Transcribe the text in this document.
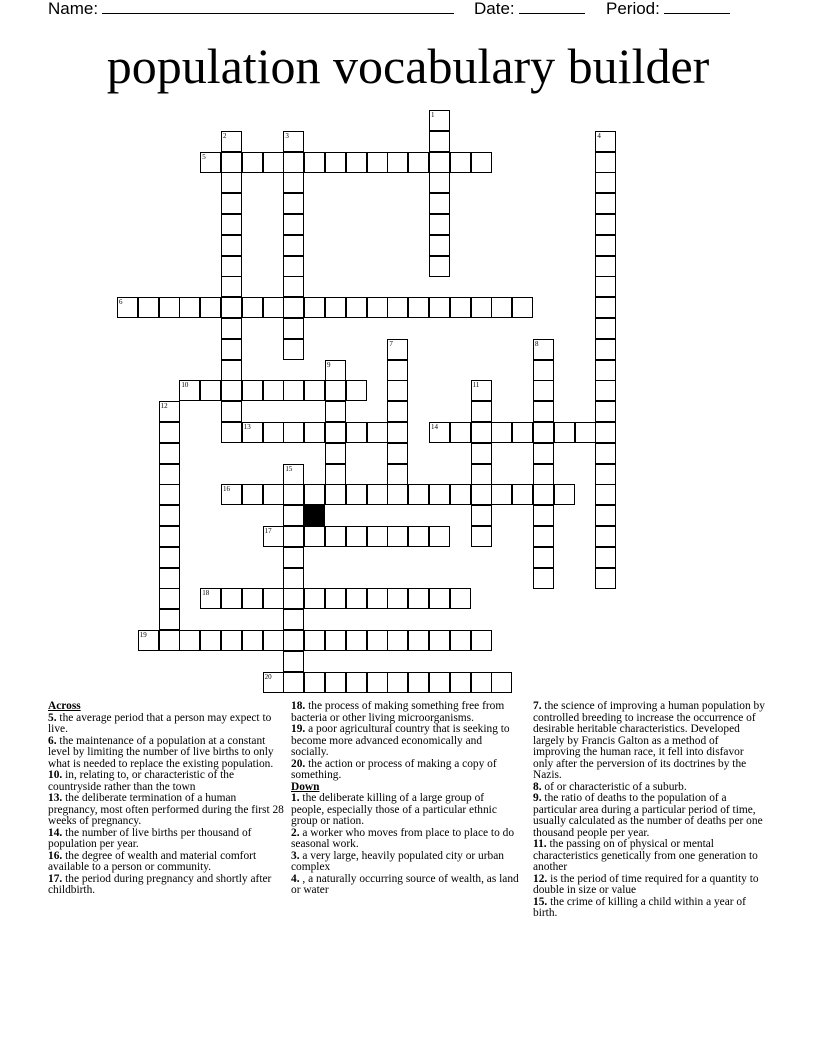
Name:	Date:	Period:
population vocabulary builder
1
2	3	4
5
6
7	8
9
10	11
12
13	14
15
16
17
18
19
20
Across
5. the average period that a person may expect to live.
6. the maintenance of a population at a constant level by limiting the number of live births to only what is needed to replace the existing population.
10. in, relating to, or characteristic of the countryside rather than the town
13. the deliberate termination of a human pregnancy, most often performed during the first 28 weeks of pregnancy.
14. the number of live births per thousand of population per year.
16. the degree of wealth and material comfort available to a person or community.
17. the period during pregnancy and shortly after childbirth.
18. the process of making something free from bacteria or other living microorganisms.
19. a poor agricultural country that is seeking to become more advanced economically and socially.
20. the action or process of making a copy of something.
Down
1. the deliberate killing of a large group of people, especially those of a particular ethnic group or nation.
2. a worker who moves from place to place to do seasonal work.
3. a very large, heavily populated city or urban complex
4. , a naturally occurring source of wealth, as land or water
7. the science of improving a human population by controlled breeding to increase the occurrence of desirable heritable characteristics. Developed largely by Francis Galton as a method of improving the human race, it fell into disfavor only after the perversion of its doctrines by the Nazis.
8. of or characteristic of a suburb.
9. the ratio of deaths to the population of a particular area during a particular period of time, usually calculated as the number of deaths per one thousand people per year.
11. the passing on of physical or mental characteristics genetically from one generation to another
12. is the period of time required for a quantity to double in size or value
15. the crime of killing a child within a year of birth.
